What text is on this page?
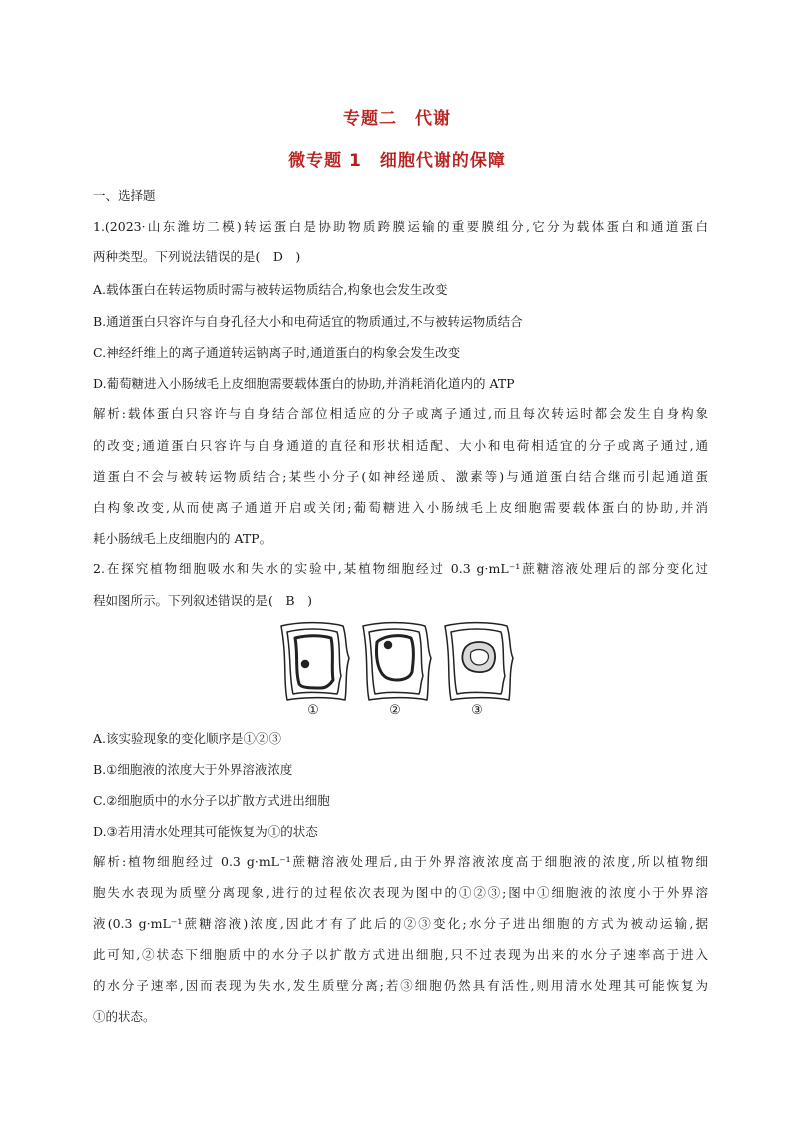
专题二　代谢
微专题 1　细胞代谢的保障
一、选择题
1.(2023·山东潍坊二模)转运蛋白是协助物质跨膜运输的重要膜组分,它分为载体蛋白和通道蛋白
两种类型。下列说法错误的是(　D　)
A.载体蛋白在转运物质时需与被转运物质结合,构象也会发生改变
B.通道蛋白只容许与自身孔径大小和电荷适宜的物质通过,不与被转运物质结合
C.神经纤维上的离子通道转运钠离子时,通道蛋白的构象会发生改变
D.葡萄糖进入小肠绒毛上皮细胞需要载体蛋白的协助,并消耗消化道内的 ATP
解析:载体蛋白只容许与自身结合部位相适应的分子或离子通过,而且每次转运时都会发生自身构象
的改变;通道蛋白只容许与自身通道的直径和形状相适配、大小和电荷相适宜的分子或离子通过,通
道蛋白不会与被转运物质结合;某些小分子(如神经递质、激素等)与通道蛋白结合继而引起通道蛋
白构象改变,从而使离子通道开启或关闭;葡萄糖进入小肠绒毛上皮细胞需要载体蛋白的协助,并消
耗小肠绒毛上皮细胞内的 ATP。
2.在探究植物细胞吸水和失水的实验中,某植物细胞经过 0.3 g·mL⁻¹蔗糖溶液处理后的部分变化过
程如图所示。下列叙述错误的是(　B　)
①	②	③
A.该实验现象的变化顺序是①②③
B.①细胞液的浓度大于外界溶液浓度
C.②细胞质中的水分子以扩散方式进出细胞
D.③若用清水处理其可能恢复为①的状态
解析:植物细胞经过 0.3 g·mL⁻¹蔗糖溶液处理后,由于外界溶液浓度高于细胞液的浓度,所以植物细
胞失水表现为质壁分离现象,进行的过程依次表现为图中的①②③;图中①细胞液的浓度小于外界溶
液(0.3 g·mL⁻¹蔗糖溶液)浓度,因此才有了此后的②③变化;水分子进出细胞的方式为被动运输,据
此可知,②状态下细胞质中的水分子以扩散方式进出细胞,只不过表现为出来的水分子速率高于进入
的水分子速率,因而表现为失水,发生质壁分离;若③细胞仍然具有活性,则用清水处理其可能恢复为
①的状态。
